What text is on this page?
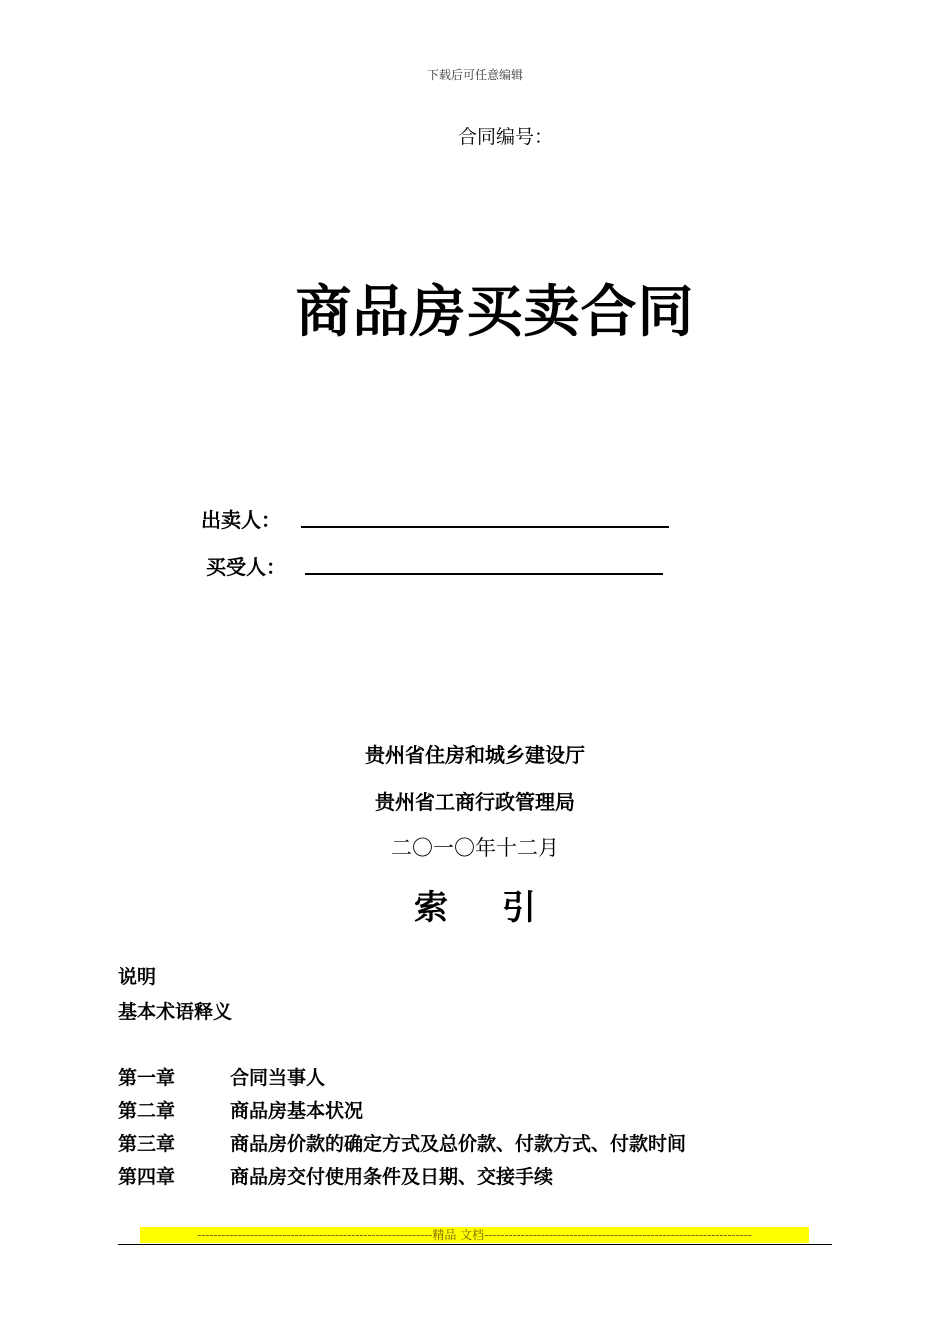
下载后可任意编辑
合同编号：
商品房买卖合同
出卖人：
买受人：
贵州省住房和城乡建设厅
贵州省工商行政管理局
二〇一〇年十二月
索 引
说明
基本术语释义
第一章	合同当事人
第二章	商品房基本状况
第三章	商品房价款的确定方式及总价款、付款方式、付款时间
第四章	商品房交付使用条件及日期、交接手续
----------------------------------------------------------精品 文档------------------------------------------------------------------
